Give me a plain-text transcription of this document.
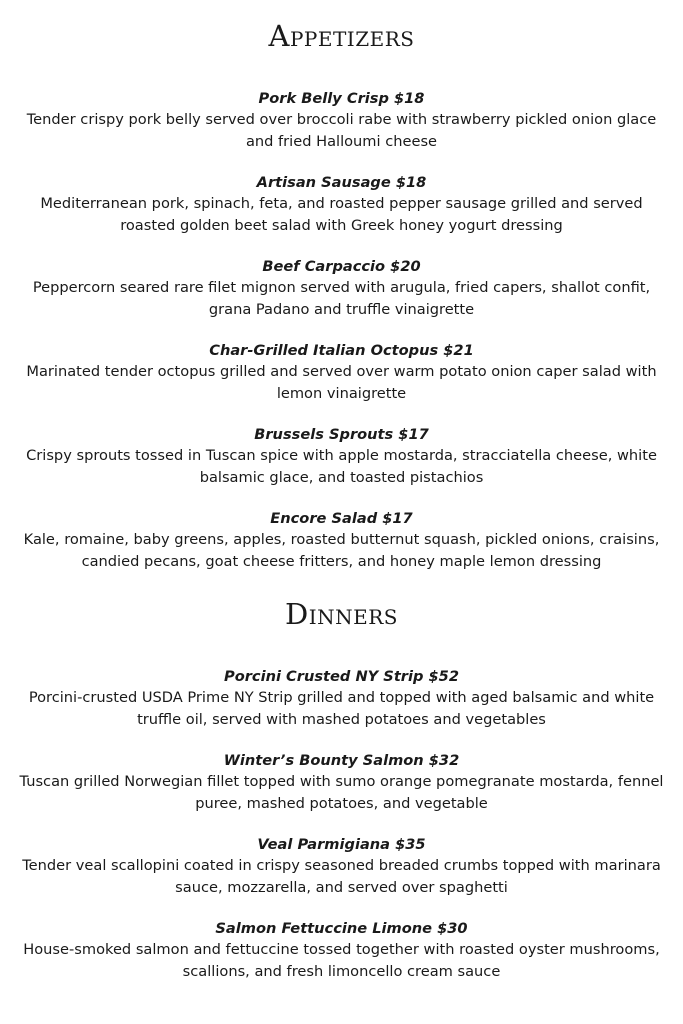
Appetizers

Pork Belly Crisp $18

Tender crispy pork belly served over broccoli rabe with strawberry pickled onion glace and fried Halloumi cheese

Artisan Sausage $18

Mediterranean pork, spinach, feta, and roasted pepper sausage grilled and served roasted golden beet salad with Greek honey yogurt dressing

Beef Carpaccio $20

Peppercorn seared rare filet mignon served with arugula, fried capers, shallot confit, grana Padano and truffle vinaigrette

Char-Grilled Italian Octopus $21

Marinated tender octopus grilled and served over warm potato onion caper salad with lemon vinaigrette

Brussels Sprouts $17

Crispy sprouts tossed in Tuscan spice with apple mostarda, stracciatella cheese, white balsamic glace, and toasted pistachios

Encore Salad $17

Kale, romaine, baby greens, apples, roasted butternut squash, pickled onions, craisins, candied pecans, goat cheese fritters, and honey maple lemon dressing

Dinners

Porcini Crusted NY Strip $52

Porcini-crusted USDA Prime NY Strip grilled and topped with aged balsamic and white truffle oil, served with mashed potatoes and vegetables

Winter’s Bounty Salmon $32

Tuscan grilled Norwegian fillet topped with sumo orange pomegranate mostarda, fennel puree, mashed potatoes, and vegetable

Veal Parmigiana $35

Tender veal scallopini coated in crispy seasoned breaded crumbs topped with marinara sauce, mozzarella, and served over spaghetti

Salmon Fettuccine Limone $30

House-smoked salmon and fettuccine tossed together with roasted oyster mushrooms, scallions, and fresh limoncello cream sauce
